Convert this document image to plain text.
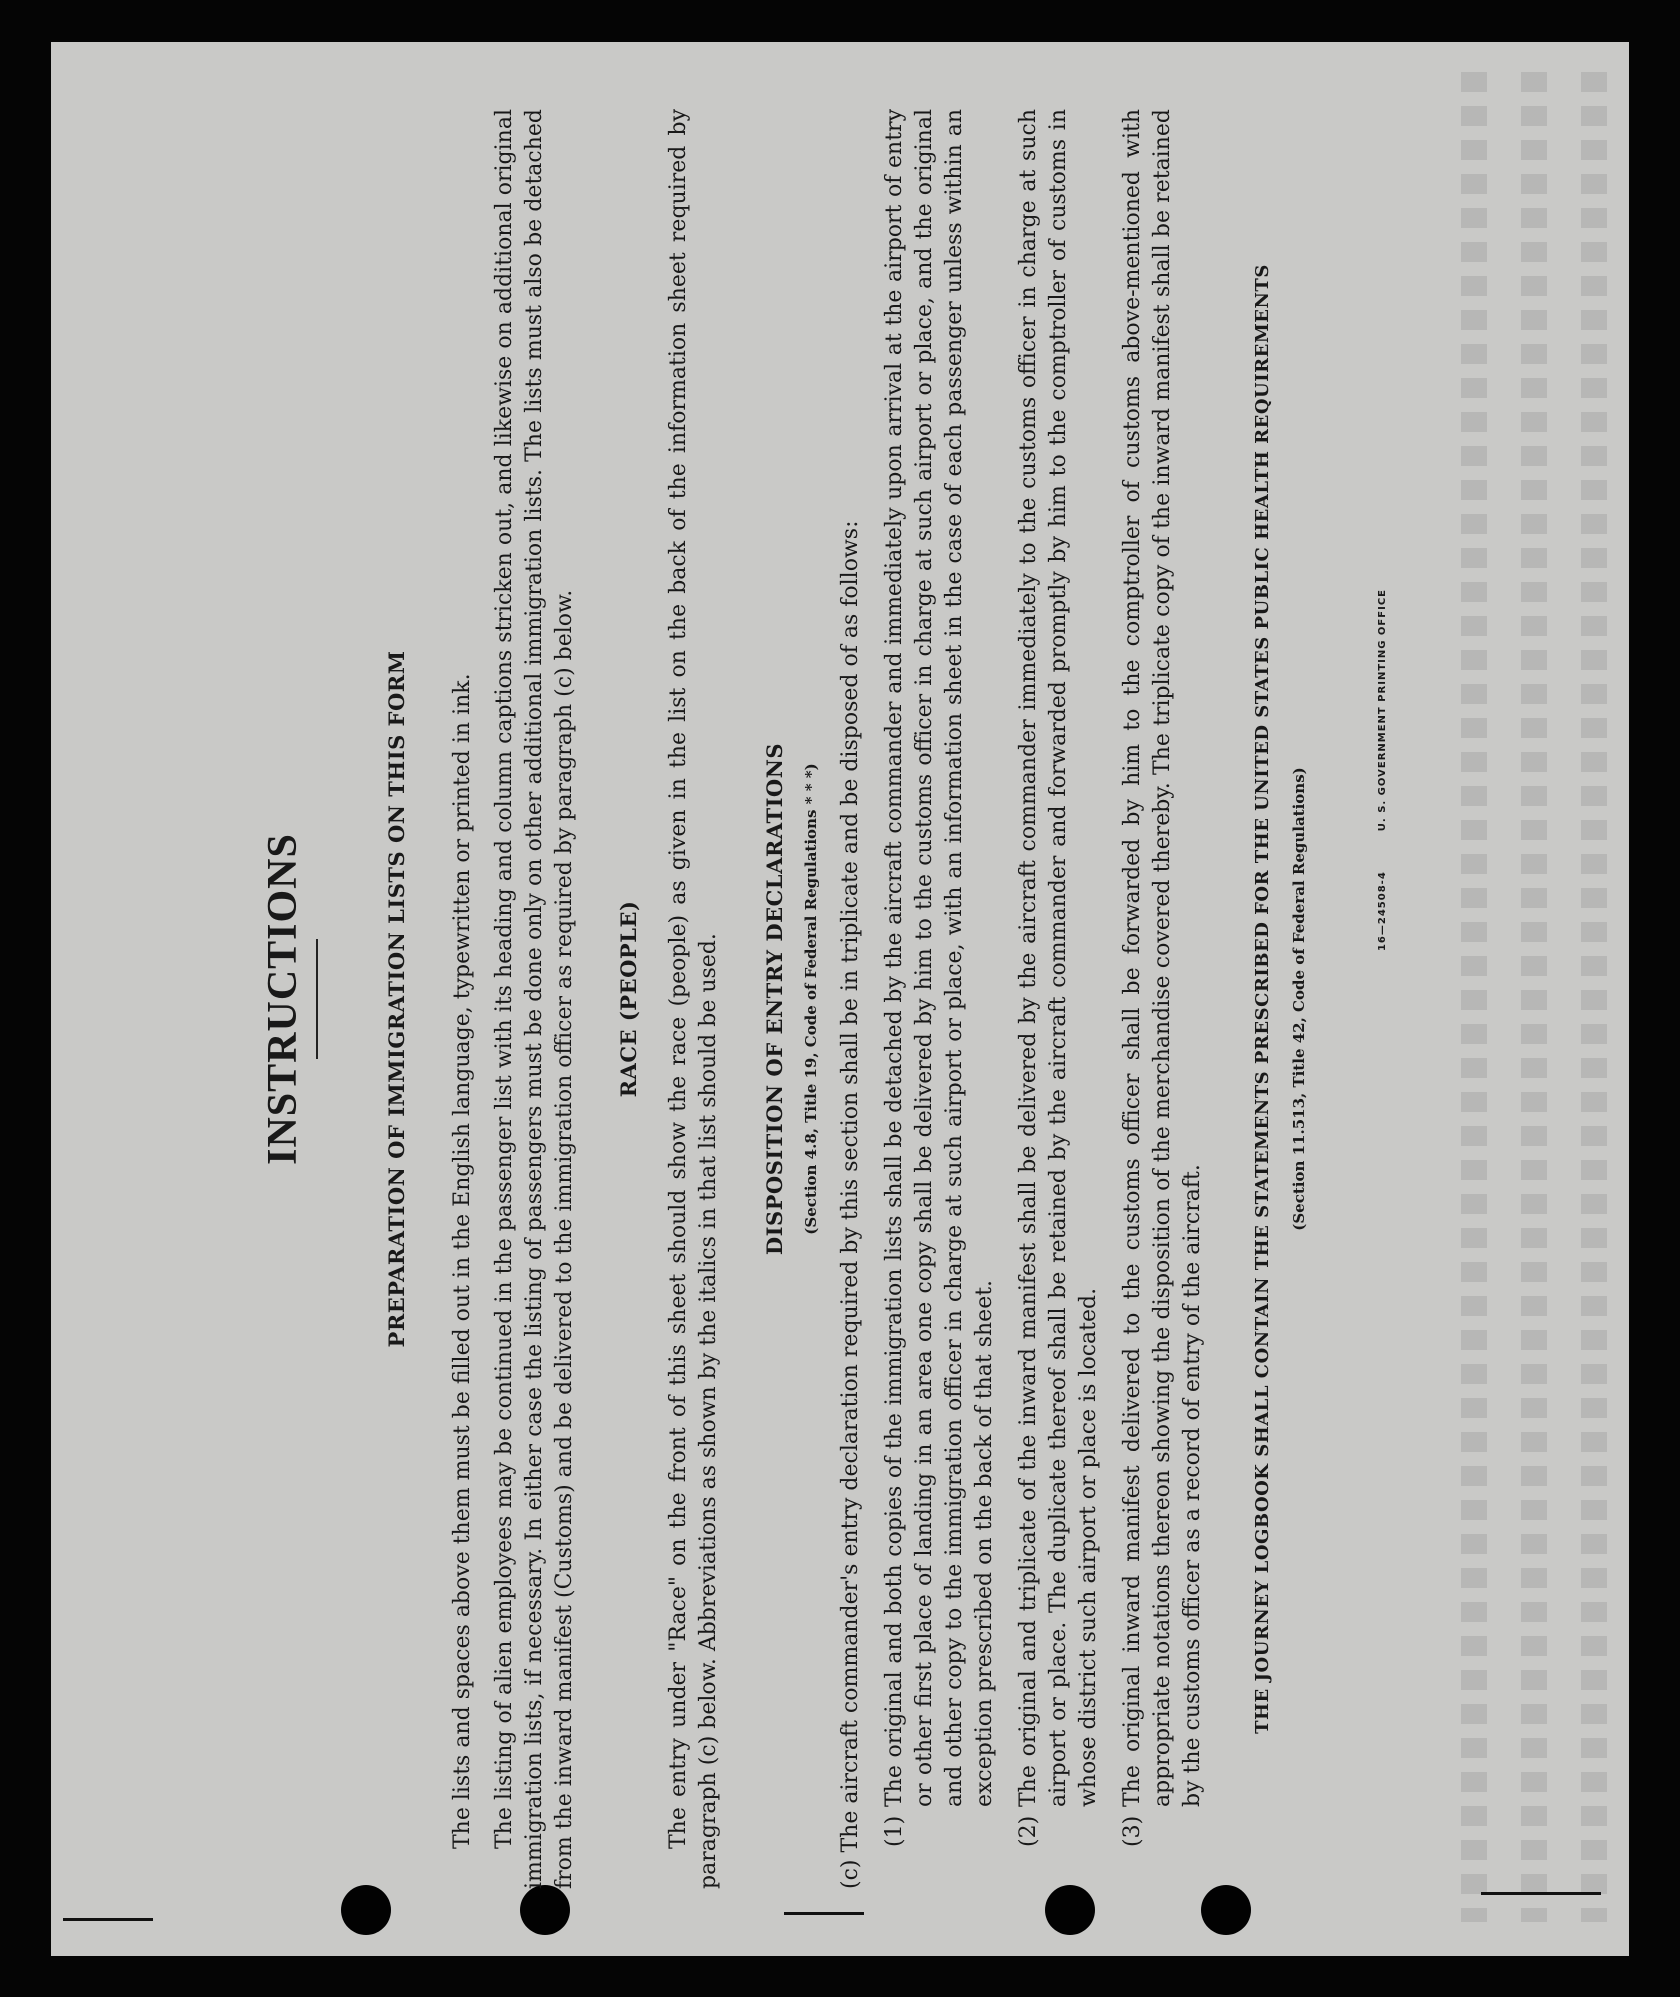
INSTRUCTIONS	PREPARATION OF IMMIGRATION LISTS ON THIS FORM The lists and spaces above them must be filled out in the English language, typewritten or printed in ink. The listing of alien employees may be continued in the passenger list with its heading and column captions stricken out, and likewise on additional original immigration lists, if necessary. In either case the listing of passengers must be done only on other additional immigration lists. The lists must also be detached from the inward manifest (Customs) and be delivered to the immigration officer as required by paragraph (c) below. RACE (PEOPLE) The entry under "Race" on the front of this sheet should show the race (people) as given in the list on the back of the information sheet required by paragraph (c) below. Abbreviations as shown by the italics in that list should be used. DISPOSITION OF ENTRY DECLARATIONS	(Section 4.8, Title 19, Code of Federal Regulations * * *) (c) The aircraft commander's entry declaration required by this section shall be in triplicate and be disposed of as follows: (1)
The original and both copies of the immigration lists shall be detached by the aircraft commander and immediately upon arrival at the airport of entry or other first place of landing in an area one copy shall be delivered by him to the customs officer in charge at such airport or place, and the original and other copy to the immigration officer in charge at such airport or place, with an information sheet in the case of each passenger unless within an exception prescribed on the back of that sheet.
(2)
The original and triplicate of the inward manifest shall be delivered by the aircraft commander immediately to the customs officer in charge at such airport or place. The duplicate thereof shall be retained by the aircraft commander and forwarded promptly by him to the comptroller of customs in whose district such airport or place is located.
(3)
The original inward manifest delivered to the customs officer shall be forwarded by him to the comptroller of customs above-mentioned with appropriate notations thereon showing the disposition of the merchandise covered thereby. The triplicate copy of the inward manifest shall be retained by the customs officer as a record of entry of the aircraft.	THE JOURNEY LOGBOOK SHALL CONTAIN THE STATEMENTS PRESCRIBED FOR THE UNITED STATES PUBLIC HEALTH REQUIREMENTS	(Section 11.513, Title 42, Code of Federal Regulations)	16—24508-4
U. S. GOVERNMENT PRINTING OFFICE
